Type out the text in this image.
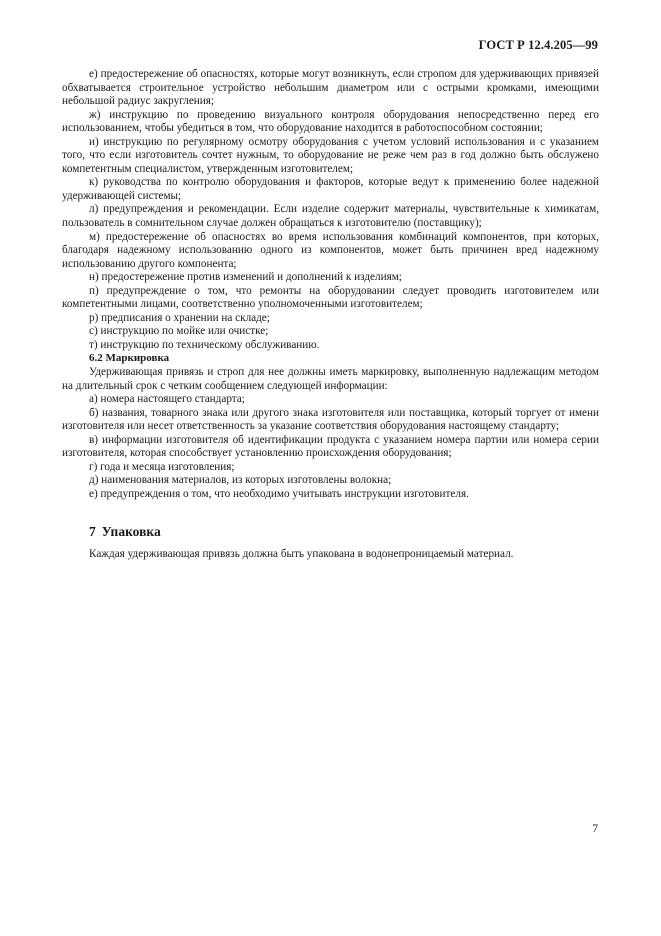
ГОСТ Р 12.4.205—99

е) предостережение об опасностях, которые могут возникнуть, если стропом для удерживающих привязей обхватывается строительное устройство небольшим диаметром или с острыми кромками, имеющими небольшой радиус закругления;

ж) инструкцию по проведению визуального контроля оборудования непосредственно перед его использованием, чтобы убедиться в том, что оборудование находится в работоспособном состоянии;

и) инструкцию по регулярному осмотру оборудования с учетом условий использования и с указанием того, что если изготовитель сочтет нужным, то оборудование не реже чем раз в год должно быть обслужено компетентным специалистом, утвержденным изготовителем;

к) руководства по контролю оборудования и факторов, которые ведут к применению более надежной удерживающей системы;

л) предупреждения и рекомендации. Если изделие содержит материалы, чувствительные к химикатам, пользователь в сомнительном случае должен обращаться к изготовителю (поставщику);

м) предостережение об опасностях во время использования комбинаций компонентов, при которых, благодаря надежному использованию одного из компонентов, может быть причинен вред надежному использованию другого компонента;

н) предостережение против изменений и дополнений к изделиям;

п) предупреждение о том, что ремонты на оборудовании следует проводить изготовителем или компетентными лицами, соответственно уполномоченными изготовителем;

р) предписания о хранении на складе;

с) инструкцию по мойке или очистке;

т) инструкцию по техническому обслуживанию.

6.2 Маркировка

Удерживающая привязь и строп для нее должны иметь маркировку, выполненную надлежащим методом на длительный срок с четким сообщением следующей информации:

а) номера настоящего стандарта;

б) названия, товарного знака или другого знака изготовителя или поставщика, который торгует от имени изготовителя или несет ответственность за указание соответствия оборудования настоящему стандарту;

в) информации изготовителя об идентификации продукта с указанием номера партии или номера серии изготовителя, которая способствует установлению происхождения оборудования;

г) года и месяца изготовления;

д) наименования материалов, из которых изготовлены волокна;

е) предупреждения о том, что необходимо учитывать инструкции изготовителя.

7 Упаковка

Каждая удерживающая привязь должна быть упакована в водонепроницаемый материал.

7
